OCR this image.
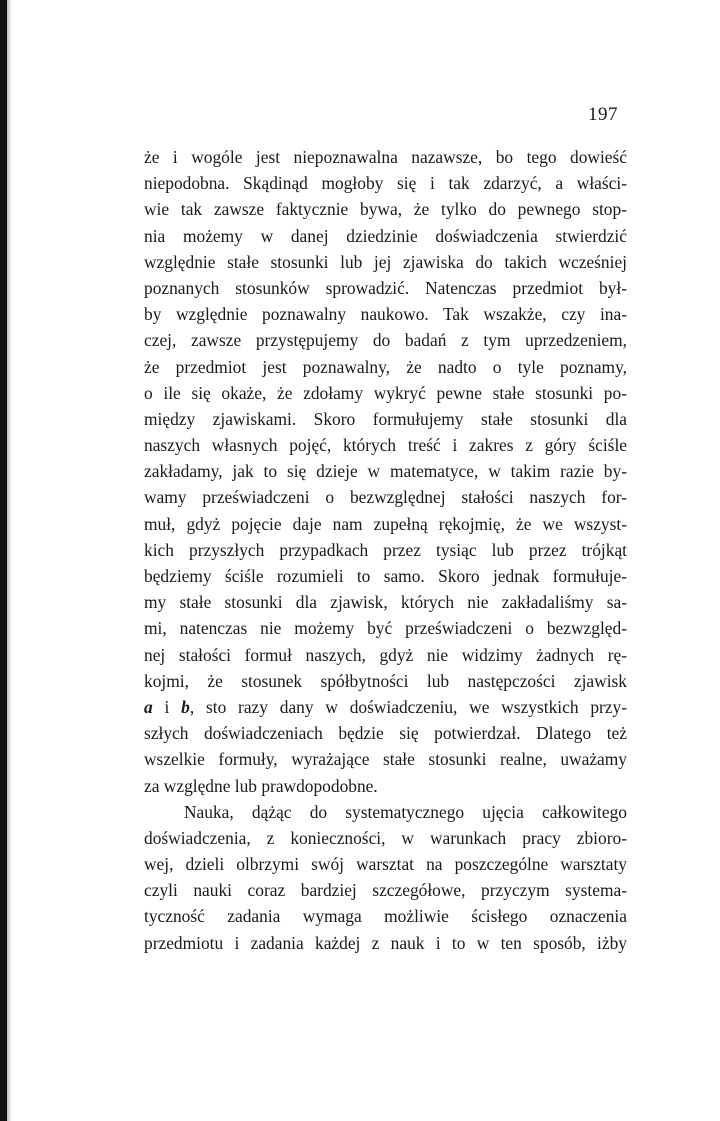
197
że i wogóle jest niepoznawalna nazawsze, bo tego dowieść
niepodobna. Skądinąd mogłoby się i tak zdarzyć, a właści-
wie tak zawsze faktycznie bywa, że tylko do pewnego stop-
nia możemy w danej dziedzinie doświadczenia stwierdzić
względnie stałe stosunki lub jej zjawiska do takich wcześniej
poznanych stosunków sprowadzić. Natenczas przedmiot był-
by względnie poznawalny naukowo. Tak wszakże, czy ina-
czej, zawsze przystępujemy do badań z tym uprzedzeniem,
że przedmiot jest poznawalny, że nadto o tyle poznamy,
o ile się okaże, że zdołamy wykryć pewne stałe stosunki po-
między zjawiskami. Skoro formułujemy stałe stosunki dla
naszych własnych pojęć, których treść i zakres z góry ściśle
zakładamy, jak to się dzieje w matematyce, w takim razie by-
wamy przeświadczeni o bezwzględnej stałości naszych for-
muł, gdyż pojęcie daje nam zupełną rękojmię, że we wszyst-
kich przyszłych przypadkach przez tysiąc lub przez trójkąt
będziemy ściśle rozumieli to samo. Skoro jednak formułuje-
my stałe stosunki dla zjawisk, których nie zakładaliśmy sa-
mi, natenczas nie możemy być przeświadczeni o bezwzględ-
nej stałości formuł naszych, gdyż nie widzimy żadnych rę-
kojmi, że stosunek spółbytności lub następczości zjawisk
a i b, sto razy dany w doświadczeniu, we wszystkich przy-
szłych doświadczeniach będzie się potwierdzał. Dlatego też
wszelkie formuły, wyrażające stałe stosunki realne, uważamy
za względne lub prawdopodobne.
Nauka, dążąc do systematycznego ujęcia całkowitego
doświadczenia, z konieczności, w warunkach pracy zbioro-
wej, dzieli olbrzymi swój warsztat na poszczególne warsztaty
czyli nauki coraz bardziej szczegółowe, przyczym systema-
tyczność zadania wymaga możliwie ścisłego oznaczenia
przedmiotu i zadania każdej z nauk i to w ten sposób, iżby
